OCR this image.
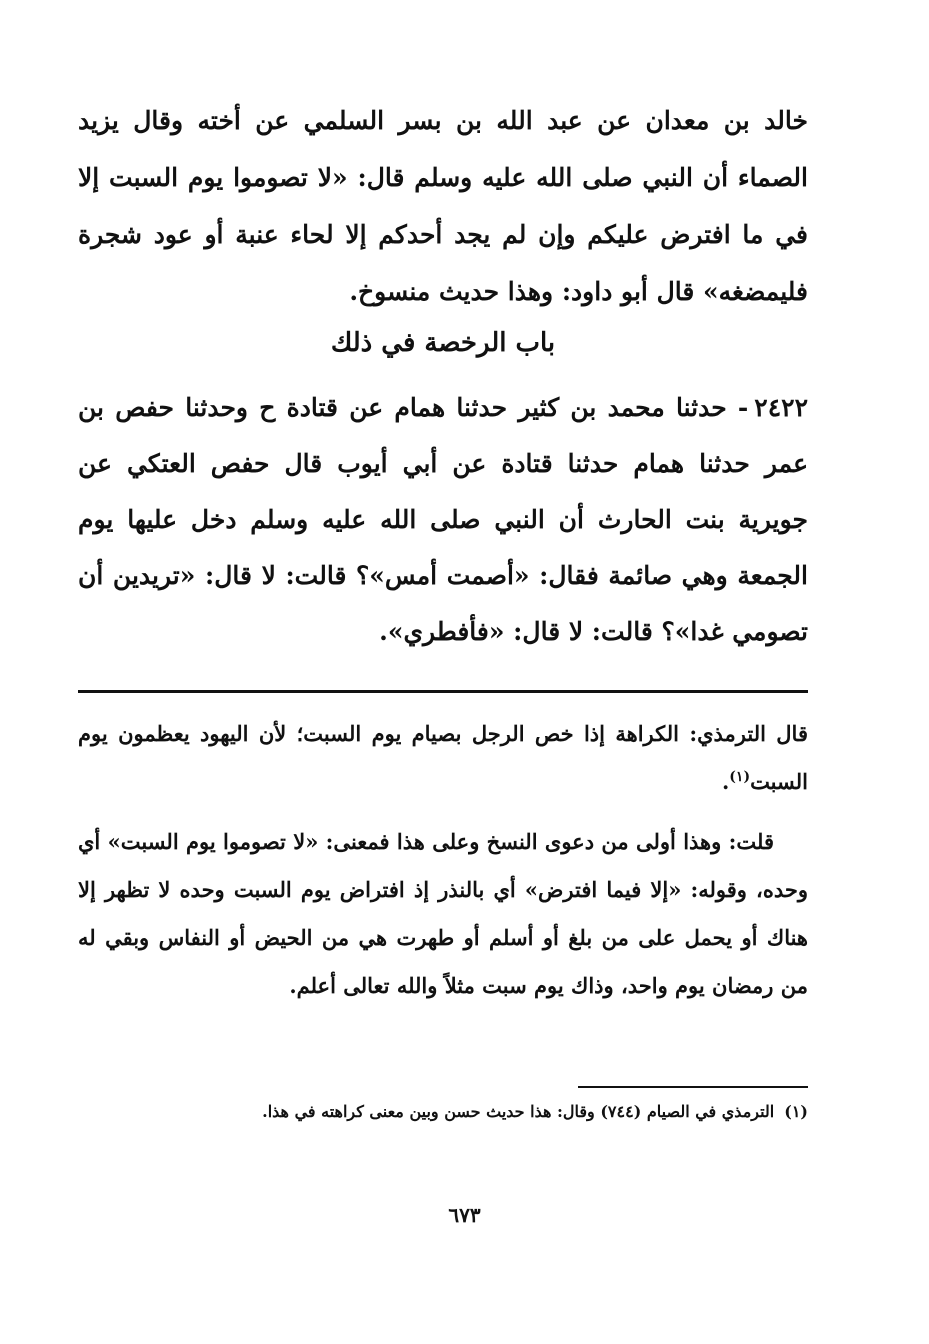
خالد بن معدان عن عبد الله بن بسر السلمي عن أخته وقال يزيد الصماء أن النبي صلى الله عليه وسلم قال: «لا تصوموا يوم السبت إلا في ما افترض عليكم وإن لم يجد أحدكم إلا لحاء عنبة أو عود شجرة فليمضغه» قال أبو داود: وهذا حديث منسوخ.

باب الرخصة في ذلك

٢٤٢٢- حدثنا محمد بن كثير حدثنا همام عن قتادة ح وحدثنا حفص بن عمر حدثنا همام حدثنا قتادة عن أبي أيوب قال حفص العتكي عن جويرية بنت الحارث أن النبي صلى الله عليه وسلم دخل عليها يوم الجمعة وهي صائمة فقال: «أصمت أمس»؟ قالت: لا قال: «تريدين أن تصومي غدا»؟ قالت: لا قال: «فأفطري».

قال الترمذي: الكراهة إذا خص الرجل بصيام يوم السبت؛ لأن اليهود يعظمون يوم السبت$^{(١)}$.

قلت: وهذا أولى من دعوى النسخ وعلى هذا فمعنى: «لا تصوموا يوم السبت» أي وحده، وقوله: «إلا فيما افترض» أي بالنذر إذ افتراض يوم السبت وحده لا تظهر إلا هناك أو يحمل على من بلغ أو أسلم أو طهرت هي من الحيض أو النفاس وبقي له من رمضان يوم واحد، وذاك يوم سبت مثلاً والله تعالى أعلم.

(١)الترمذي في الصيام (٧٤٤) وقال: هذا حديث حسن وبين معنى كراهته في هذا.

٦٧٣
